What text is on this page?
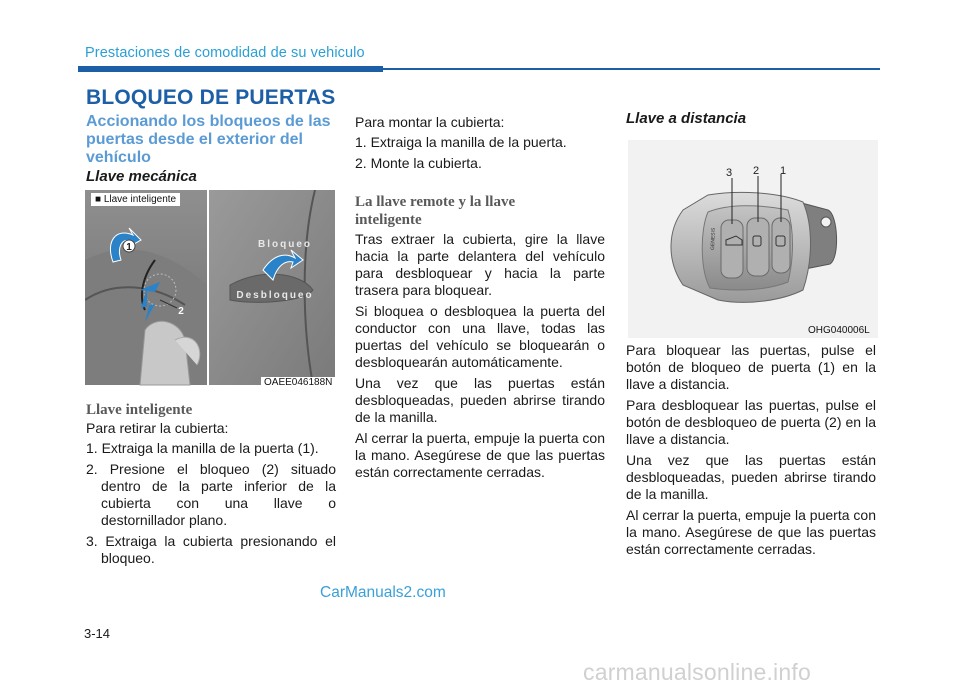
Prestaciones de comodidad de su vehiculo
BLOQUEO DE PUERTAS
Accionando los bloqueos de las puertas desde el exterior del vehículo
Llave mecánica
1
2
Bloqueo
Desbloqueo
■ Llave inteligente
OAEE046188N
Llave inteligente
Para retirar la cubierta:
1. Extraiga la manilla de la puerta (1).
2. Presione el bloqueo (2) situado dentro de la parte inferior de la cubierta con una llave o destornillador plano.
3. Extraiga la cubierta presionando el bloqueo.
Para montar la cubierta:
1. Extraiga la manilla de la puerta.
2. Monte la cubierta.
La llave remote y la llave inteligente
Tras extraer la cubierta, gire la llave hacia la parte delantera del vehículo para desbloquear y hacia la parte trasera para bloquear.
Si bloquea o desbloquea la puerta del conductor con una llave, todas las puertas del vehículo se bloquearán o desbloquearán automáticamente.
Una vez que las puertas están desbloqueadas, pueden abrirse tirando de la manilla.
Al cerrar la puerta, empuje la puerta con la mano. Asegúrese de que las puertas están correctamente cerradas.
Llave a distancia
GENESIS
3 2 1
OHG040006L
Para bloquear las puertas, pulse el botón de bloqueo de puerta (1) en la llave a distancia.
Para desbloquear las puertas, pulse el botón de desbloqueo de puerta (2) en la llave a distancia.
Una vez que las puertas están desbloqueadas, pueden abrirse tirando de la manilla.
Al cerrar la puerta, empuje la puerta con la mano. Asegúrese de que las puertas están correctamente cerradas.
CarManuals2.com
3-14
carmanualsonline.info
